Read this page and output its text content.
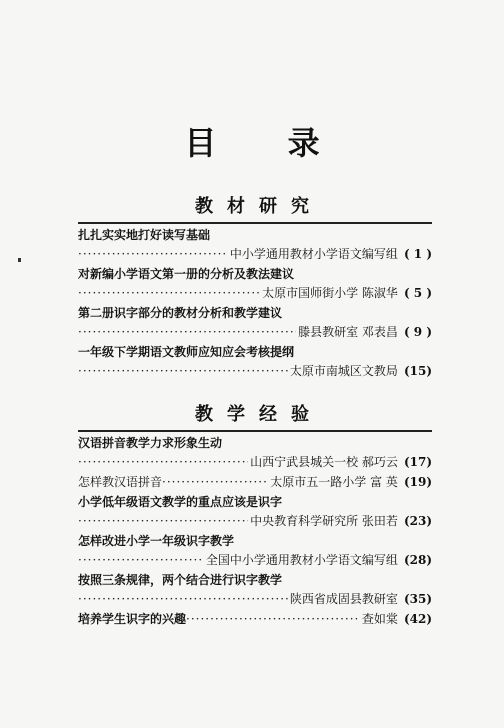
目 录
教材研究
扎扎实实地打好读写基础
·····
中小学通用教材小学语文编写组 ( 1 )
对新编小学语文第一册的分析及教法建议
·····
太原市国师街小学 陈淑华 ( 5 )
第二册识字部分的教材分析和教学建议
·····
滕县教研室 邓表昌 ( 9 )
一年级下学期语文教师应知应会考核提纲
·····
太原市南城区文教局 (15)
教学经验
汉语拼音教学力求形象生动
·····
山西宁武县城关一校 郝巧云 (17)
怎样教汉语拼音 ·····	太原市五一路小学 富 英 (19)
小学低年级语文教学的重点应该是识字
·····
中央教育科学研究所 张田若 (23)
怎样改进小学一年级识字教学
·····
全国中小学通用教材小学语文编写组 (28)
按照三条规律，两个结合进行识字教学
·····
陕西省成固县教研室 (35)
培养学生识字的兴趣 ·····	查如棠 (42)
